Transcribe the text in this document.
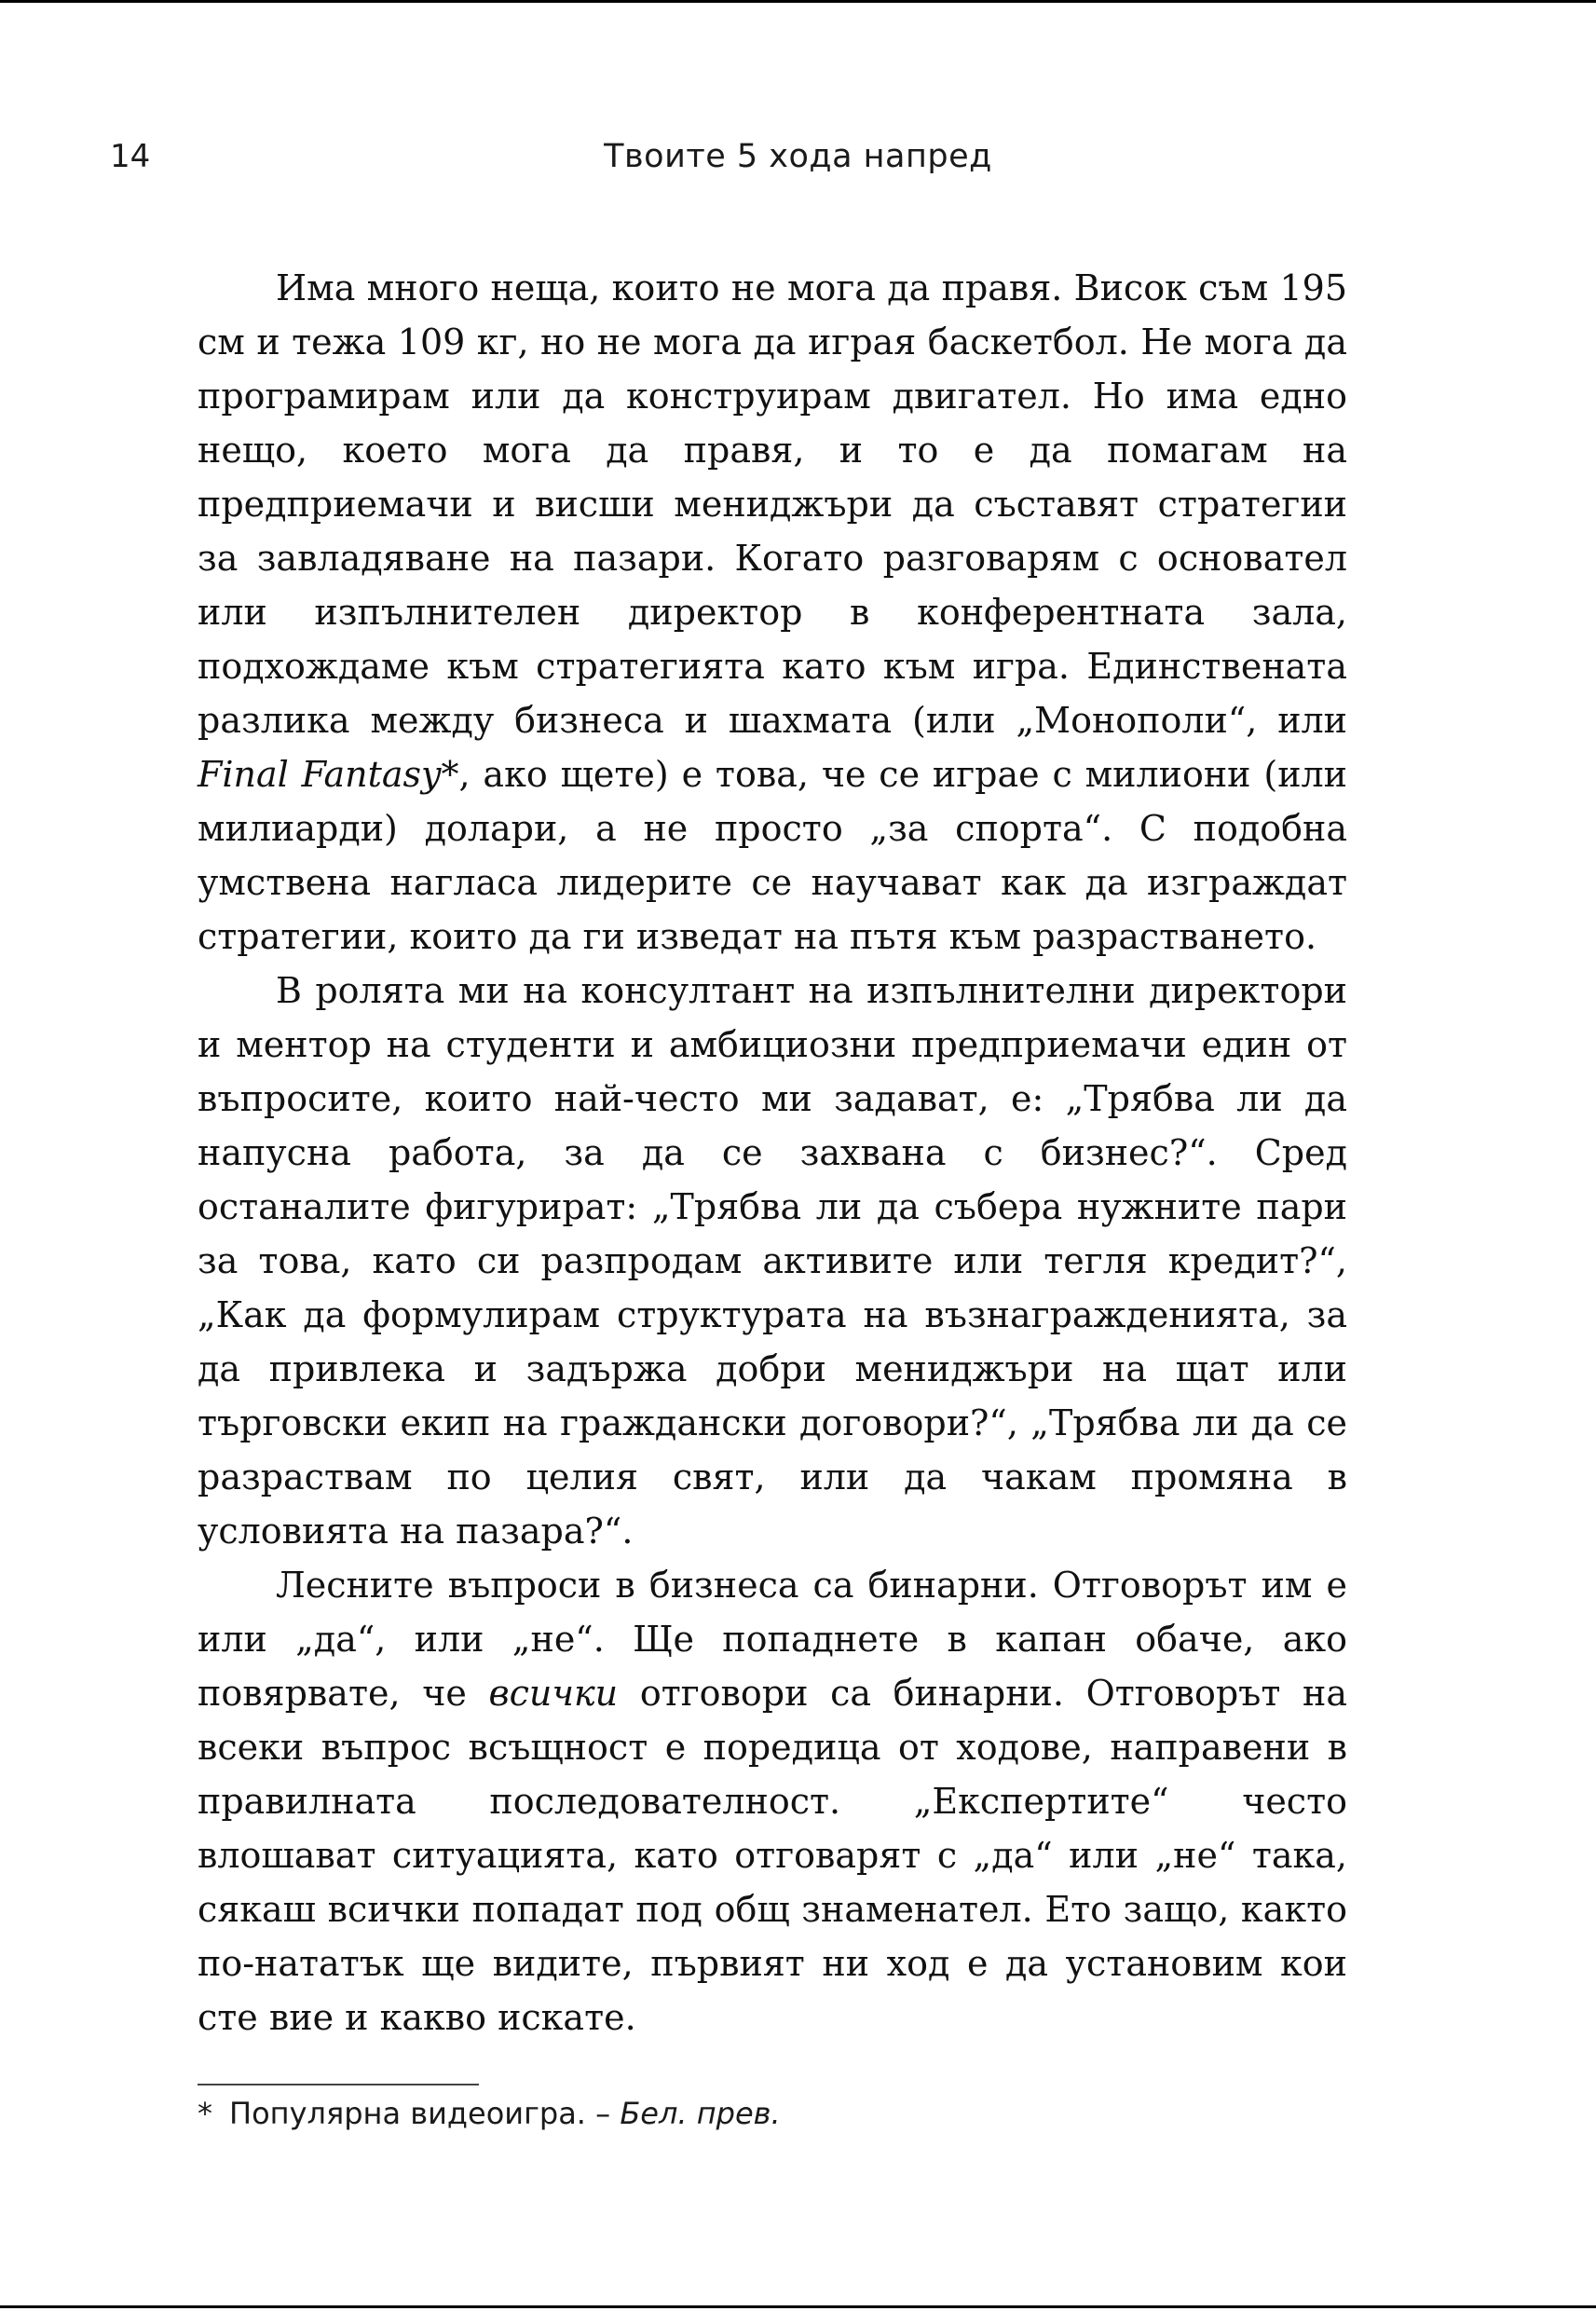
14	Твоите 5 хода напред

Има много неща, които не мога да правя. Висок съм 195 см и тежа 109 кг, но не мога да играя баскетбол. Не мога да програмирам или да конструирам двигател. Но има едно нещо, което мога да правя, и то е да помагам на предприемачи и висши мениджъри да съставят стратегии за завладяване на пазари. Когато разговарям с основател или изпълнителен директор в конферентната зала, подхождаме към стратегията като към игра. Единствената разлика между бизнеса и шахмата (или „Монополи“, или Final Fantasy*, ако щете) е това, че се играе с милиони (или милиарди) долари, а не просто „за спорта“. С подобна умствена нагласа лидерите се научават как да изграждат стратегии, които да ги изведат на пътя към разрастването.

В ролята ми на консултант на изпълнителни директори и ментор на студенти и амбициозни предприемачи един от въпросите, които най-често ми задават, е: „Трябва ли да напусна работа, за да се захвана с бизнес?“. Сред останалите фигурират: „Трябва ли да събера нужните пари за това, като си разпродам активите или тегля кредит?“, „Как да формулирам структурата на възнагражденията, за да привлека и задържа добри мениджъри на щат или търговски екип на граждански договори?“, „Трябва ли да се разраствам по целия свят, или да чакам промяна в условията на пазара?“.

Лесните въпроси в бизнеса са бинарни. Отговорът им е или „да“, или „не“. Ще попаднете в капан обаче, ако повярвате, че всички отговори са бинарни. Отговорът на всеки въпрос всъщност е поредица от ходове, направени в правилната последователност. „Експертите“ често влошават ситуацията, като отговарят с „да“ или „не“ така, сякаш всички попадат под общ знаменател. Ето защо, както по-нататък ще видите, първият ни ход е да установим кои сте вие и какво искате.

* Популярна видеоигра. – Бел. прев.
